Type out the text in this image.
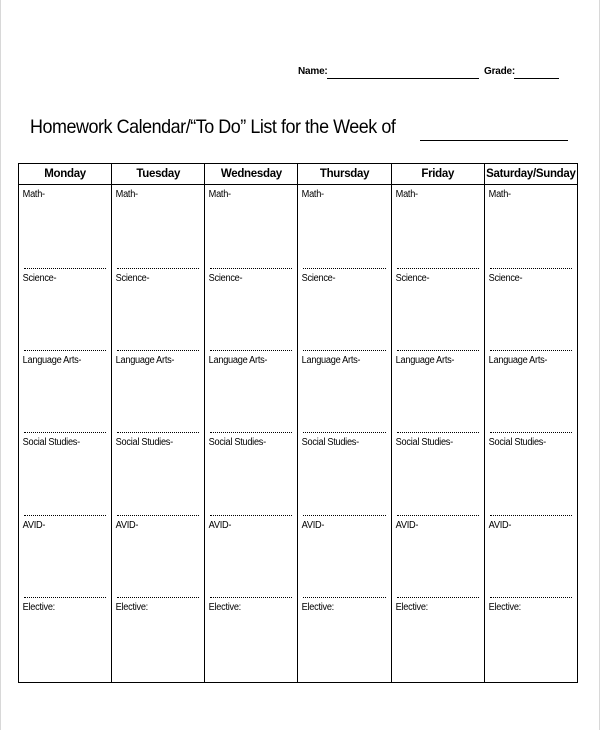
Name:	Grade:
Homework Calendar/“To Do” List for the Week of
Monday	Tuesday	Wednesday	Thursday	Friday	Saturday/Sunday

Math-	Math-	Math-	Math-	Math-	Math-

Science-	Science-	Science-	Science-	Science-	Science-

Language Arts-	Language Arts-	Language Arts-	Language Arts-	Language Arts-	Language Arts-

Social Studies-	Social Studies-	Social Studies-	Social Studies-	Social Studies-	Social Studies-

AVID-	AVID-	AVID-	AVID-	AVID-	AVID-

Elective:	Elective:	Elective:	Elective:	Elective:	Elective:
